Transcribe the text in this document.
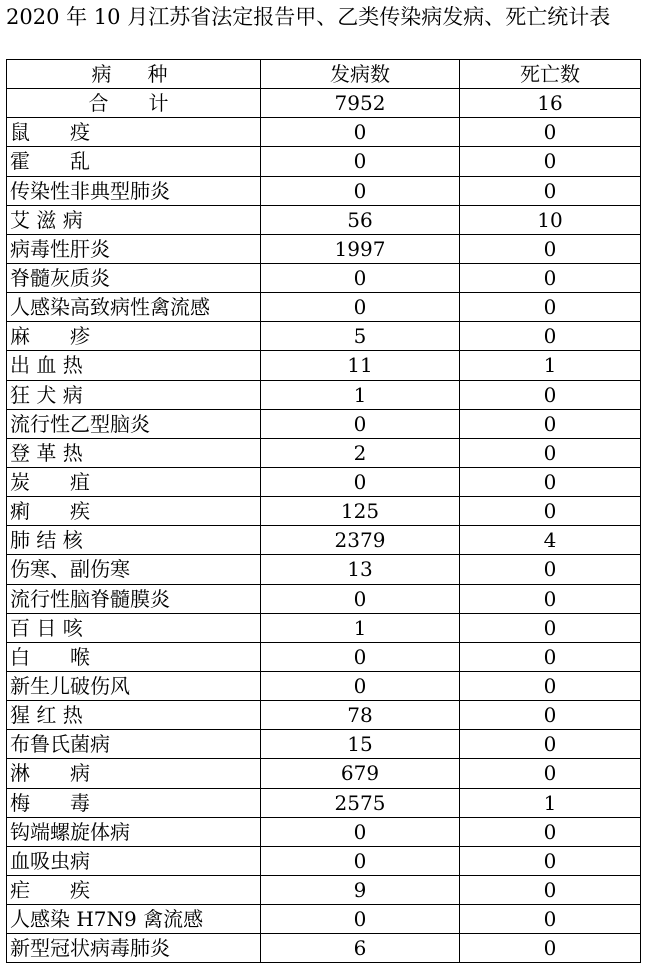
2020 年 10 月江苏省法定报告甲、乙类传染病发病、死亡统计表
病　种	发病数	死亡数
合　计	7952	16
鼠　　疫	0	0
霍　　乱	0	0
传染性非典型肺炎	0	0
艾 滋 病	56	10
病毒性肝炎	1997	0
脊髓灰质炎	0	0
人感染高致病性禽流感	0	0
麻　　疹	5	0
出 血 热	11	1
狂 犬 病	1	0
流行性乙型脑炎	0	0
登 革 热	2	0
炭　　疽	0	0
痢　　疾	125	0
肺 结 核	2379	4
伤寒、副伤寒	13	0
流行性脑脊髓膜炎	0	0
百 日 咳	1	0
白　　喉	0	0
新生儿破伤风	0	0
猩 红 热	78	0
布鲁氏菌病	15	0
淋　　病	679	0
梅　　毒	2575	1
钩端螺旋体病	0	0
血吸虫病	0	0
疟　　疾	9	0
人感染 H7N9 禽流感	0	0
新型冠状病毒肺炎	6	0
